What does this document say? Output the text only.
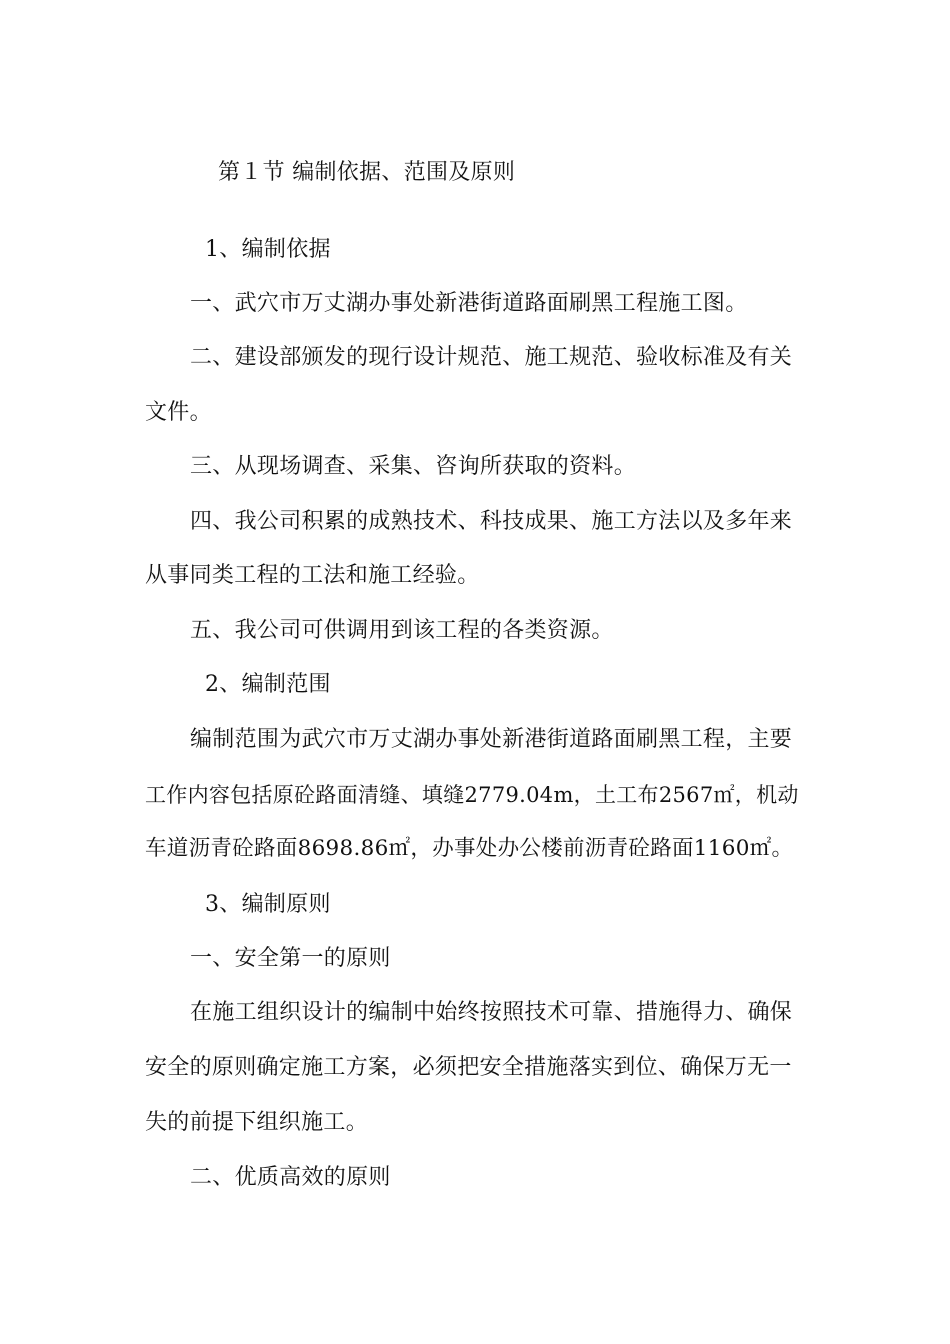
第１节 编制依据、范围及原则
1、编制依据
一、武穴市万丈湖办事处新港街道路面刷黑工程施工图。
二、建设部颁发的现行设计规范、施工规范、验收标准及有关
文件。
三、从现场调查、采集、咨询所获取的资料。
四、我公司积累的成熟技术、科技成果、施工方法以及多年来
从事同类工程的工法和施工经验。
五、我公司可供调用到该工程的各类资源。
2、编制范围
编制范围为武穴市万丈湖办事处新港街道路面刷黑工程，主要
工作内容包括原砼路面清缝、填缝2779.04m，土工布2567㎡，机动
车道沥青砼路面8698.86㎡，办事处办公楼前沥青砼路面1160㎡。
3、编制原则
一、安全第一的原则
在施工组织设计的编制中始终按照技术可靠、措施得力、确保
安全的原则确定施工方案，必须把安全措施落实到位、确保万无一
失的前提下组织施工。
二、优质高效的原则
